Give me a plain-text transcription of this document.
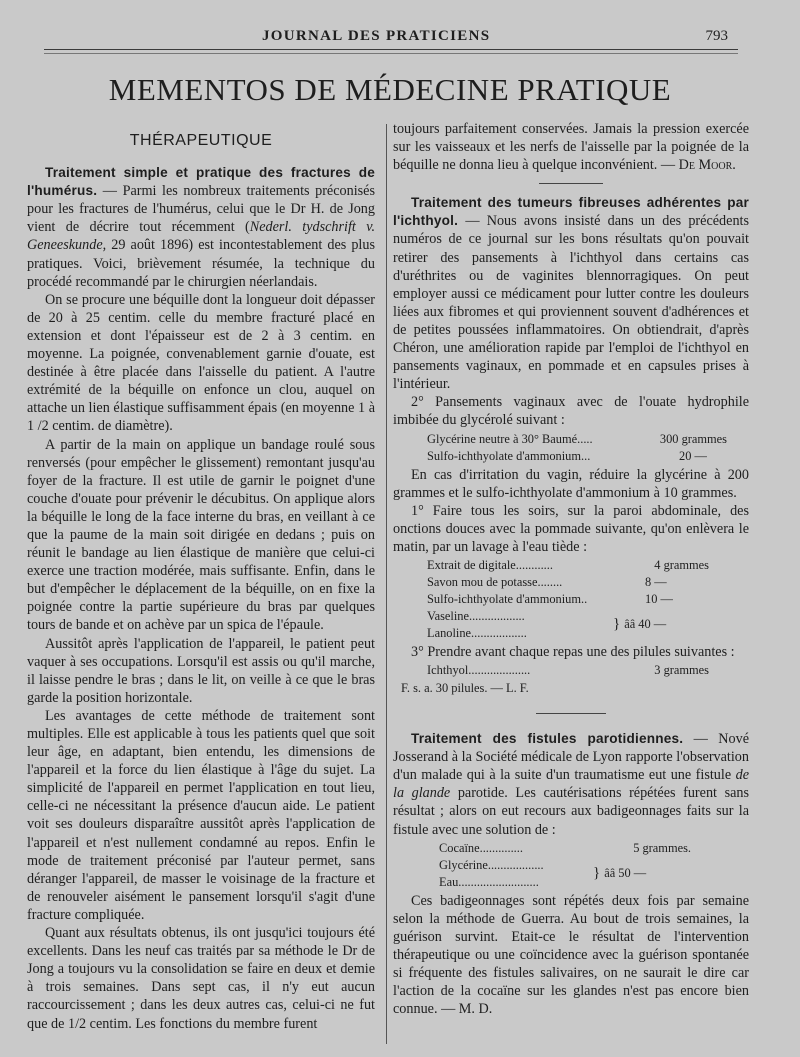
JOURNAL DES PRATICIENS	793
MEMENTOS DE MÉDECINE PRATIQUE
THÉRAPEUTIQUE

Traitement simple et pratique des fractures de l'humérus. — Parmi les nombreux traitements préconisés pour les fractures de l'humérus, celui que le Dr H. de Jong vient de décrire tout récemment (Nederl. tydschrift v. Geneeskunde, 29 août 1896) est incontestablement des plus pratiques. Voici, brièvement résumée, la technique du procédé recommandé par le chirurgien néerlandais.

On se procure une béquille dont la longueur doit dépasser de 20 à 25 centim. celle du membre fracturé placé en extension et dont l'épaisseur est de 2 à 3 centim. en moyenne. La poignée, convenablement garnie d'ouate, est destinée à être placée dans l'aisselle du patient. A l'autre extrémité de la béquille on enfonce un clou, auquel on attache un lien élastique suffisamment épais (en moyenne 1 à 1 /2 centim. de diamètre).

A partir de la main on applique un bandage roulé sous renversés (pour empêcher le glissement) remontant jusqu'au foyer de la fracture. Il est utile de garnir le poignet d'une couche d'ouate pour prévenir le décubitus. On applique alors la béquille le long de la face interne du bras, en veillant à ce que la paume de la main soit dirigée en dedans ; puis on réunit le bandage au lien élastique de manière que celui-ci exerce une traction modérée, mais suffisante. Enfin, dans le but d'empêcher le déplacement de la béquille, on en fixe la poignée contre la partie supérieure du bras par quelques tours de bande et on achève par un spica de l'épaule.

Aussitôt après l'application de l'appareil, le patient peut vaquer à ses occupations. Lorsqu'il est assis ou qu'il marche, il laisse pendre le bras ; dans le lit, on veille à ce que le bras garde la position horizontale.

Les avantages de cette méthode de traitement sont multiples. Elle est applicable à tous les patients quel que soit leur âge, en adaptant, bien entendu, les dimensions de l'appareil et la force du lien élastique à l'âge du sujet. La simplicité de l'appareil en permet l'application en tout lieu, celle-ci ne nécessitant la présence d'aucun aide. Le patient voit ses douleurs disparaître aussitôt après l'application de l'appareil et n'est nullement condamné au repos. Enfin le mode de traitement préconisé par l'auteur permet, sans déranger l'appareil, de masser le voisinage de la fracture et de renouveler aisément le pansement lorsqu'il s'agit d'une fracture compliquée.

Quant aux résultats obtenus, ils ont jusqu'ici toujours été excellents. Dans les neuf cas traités par sa méthode le Dr de Jong a toujours vu la consolidation se faire en deux et demie à trois semaines. Dans sept cas, il n'y eut aucun raccourcissement ; dans les deux autres cas, celui-ci ne fut que de 1/2 centim. Les fonctions du membre furent

toujours parfaitement conservées. Jamais la pression exercée sur les vaisseaux et les nerfs de l'aisselle par la poignée de la béquille ne donna lieu à quelque inconvénient. — De Moor.

Traitement des tumeurs fibreuses adhérentes par l'ichthyol. — Nous avons insisté dans un des précédents numéros de ce journal sur les bons résultats qu'on pouvait retirer des pansements à l'ichthyol dans certains cas d'uréthrites ou de vaginites blennorragiques. On peut employer aussi ce médicament pour lutter contre les douleurs liées aux fibromes et qui proviennent souvent d'adhérences et de petites poussées inflammatoires. On obtiendrait, d'après Chéron, une amélioration rapide par l'emploi de l'ichthyol en pansements vaginaux, en pommade et en capsules prises à l'intérieur.

2° Pansements vaginaux avec de l'ouate hydrophile imbibée du glycérolé suivant :

Glycérine neutre à 30° Baumé .....	300 grammes
Sulfo-ichthyolate d'ammonium ...	20 —

En cas d'irritation du vagin, réduire la glycérine à 200 grammes et le sulfo-ichthyolate d'ammonium à 10 grammes.

1° Faire tous les soirs, sur la paroi abdominale, des onctions douces avec la pommade suivante, qu'on enlèvera le matin, par un lavage à l'eau tiède :

Extrait de digitale ............	4 grammes
Savon mou de potasse ........	8 —
Sulfo-ichthyolate d'ammonium ..	10 —
Vaseline ..................
Lanoline ..................
} ââ 40 —

3° Prendre avant chaque repas une des pilules suivantes :

Ichthyol ....................	3 grammes
F. s. a. 30 pilules. — L. F.

Traitement des fistules parotidiennes. — Nové Josserand à la Société médicale de Lyon rapporte l'observation d'un malade qui à la suite d'un traumatisme eut une fistule de la glande parotide. Les cautérisations répétées furent sans résultat ; alors on eut recours aux badigeonnages faits sur la fistule avec une solution de :

Cocaïne ..............	5 grammes.
Glycérine ..................
Eau ..........................
} ââ 50 —

Ces badigeonnages sont répétés deux fois par semaine selon la méthode de Guerra. Au bout de trois semaines, la guérison survint. Etait-ce le résultat de l'intervention thérapeutique ou une coïncidence avec la guérison spontanée si fréquente des fistules salivaires, on ne saurait le dire car l'action de la cocaïne sur les glandes n'est pas encore bien connue. — M. D.
